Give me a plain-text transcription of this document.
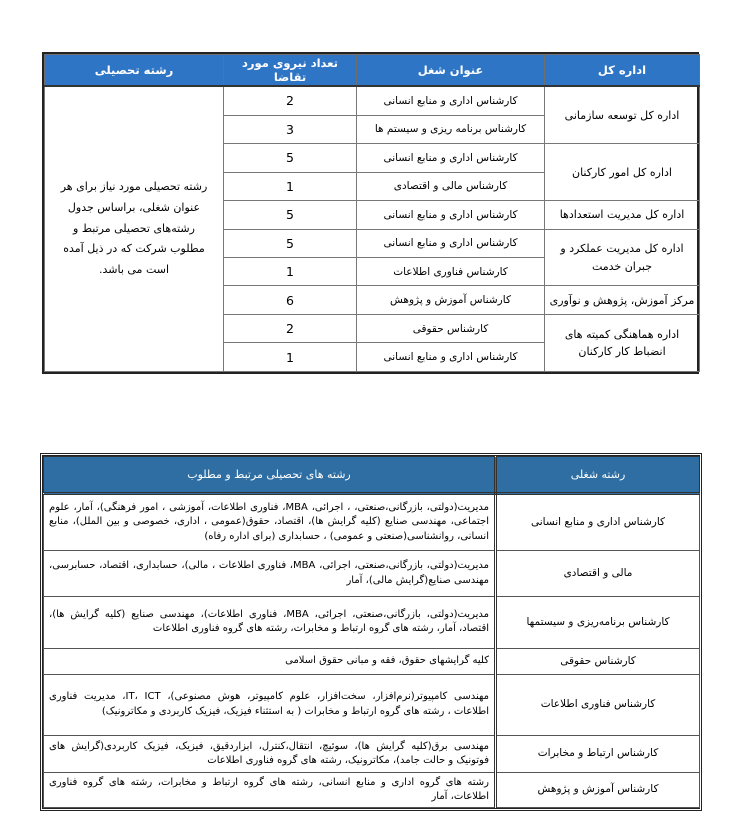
اداره کل	عنوان شغل	تعداد نیروی مورد تقاضا	رشته تحصیلی
اداره کل توسعه سازمانی	کارشناس اداری و منابع انسانی	2	رشته تحصیلی مورد نیاز برای هر عنوان شغلی، براساس جدول رشته‌های تحصیلی مرتبط و مطلوب شرکت که در ذیل آمده است می باشد.
	کارشناس برنامه ریزی و سیستم ها	3	
اداره کل امور کارکنان	کارشناس اداری و منابع انسانی	5	
	کارشناس مالی و اقتصادی	1	
اداره کل مدیریت استعدادها	کارشناس اداری و منابع انسانی	5	
اداره کل مدیریت عملکرد و جبران خدمت	کارشناس اداری و منابع انسانی	5	
	کارشناس فناوری اطلاعات	1	
مرکز آموزش، پژوهش و نوآوری	کارشناس آموزش و پژوهش	6	
اداره هماهنگی کمیته های انضباط کار کارکنان	کارشناس حقوقی	2	
	کارشناس اداری و منابع انسانی	1	
رشته شغلی	رشته های تحصیلی مرتبط و مطلوب
کارشناس اداری و منابع انسانی	مدیریت(دولتی، بازرگانی،صنعتی، ، اجرائی، MBA، فناوری اطلاعات، آموزشی ، امور فرهنگی)، آمار، علوم اجتماعی، مهندسی صنایع (کلیه گرایش ها)، اقتصاد، حقوق(عمومی ، اداری، خصوصی و بین الملل)، منابع انسانی، روانشناسی(صنعتی و عمومی) ، حسابداری (برای اداره رفاه)
مالی و اقتصادی	مدیریت(دولتی، بازرگانی،صنعتی، اجرائی، MBA، فناوری اطلاعات ، مالی)، حسابداری، اقتصاد، حسابرسی، مهندسی صنایع(گرایش مالی)، آمار
کارشناس برنامه‌ریزی و سیستمها	مدیریت(دولتی، بازرگانی،صنعتی، اجرائی، MBA، فناوری اطلاعات)، مهندسی صنایع (کلیه گرایش ها)، اقتصاد، آمار، رشته های گروه ارتباط و مخابرات، رشته های گروه فناوری اطلاعات
کارشناس حقوقی	کلیه گرایشهای حقوق، فقه و مبانی حقوق اسلامی
کارشناس فناوری اطلاعات	مهندسی کامپیوتر(نرم‌افزار، سخت‌افزار، علوم کامپیوتر، هوش مصنوعی)، IT، ICT، مدیریت فناوری اطلاعات ، رشته های گروه ارتباط و مخابرات ( به استثناء فیزیک، فیزیک کاربردی و مکاترونیک)
کارشناس ارتباط و مخابرات	مهندسی برق(کلیه گرایش ها)، سوئیچ، انتقال،کنترل، ابزاردقیق، فیزیک، فیزیک کاربردی(گرایش های فوتونیک و حالت جامد)، مکاترونیک، رشته های گروه فناوری اطلاعات
کارشناس آموزش و پژوهش	رشته های گروه اداری و منابع انسانی، رشته های گروه ارتباط و مخابرات، رشته های گروه فناوری اطلاعات، آمار
